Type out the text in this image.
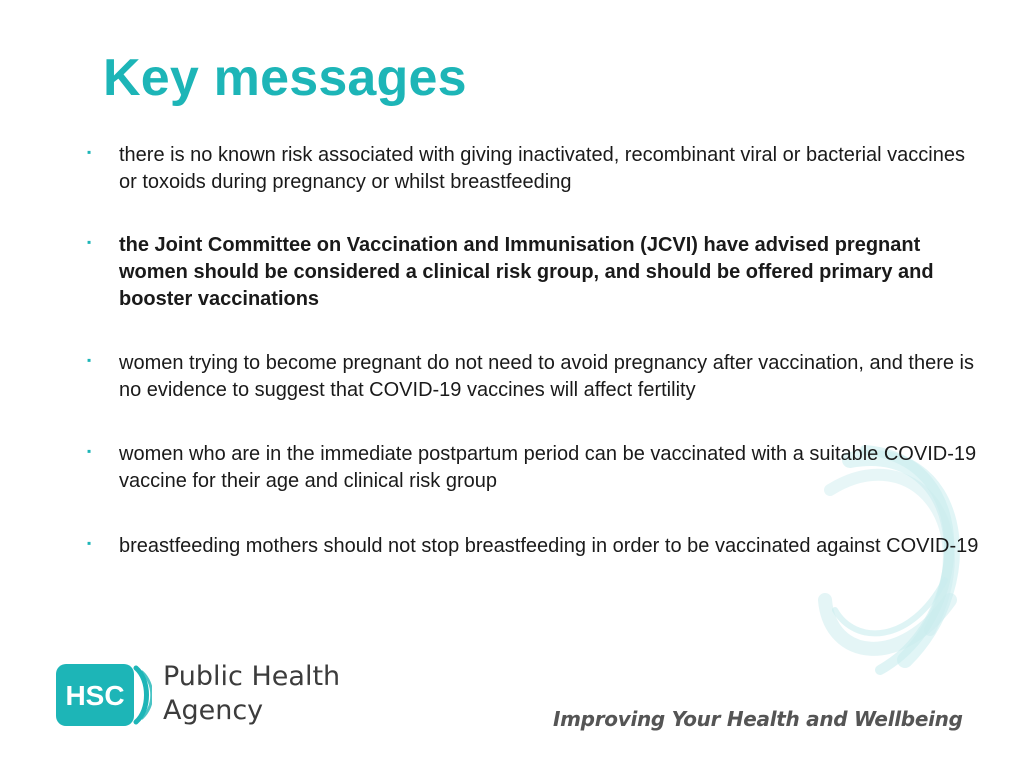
Key messages
▪ there is no known risk associated with giving inactivated, recombinant viral or bacterial vaccines or toxoids during pregnancy or whilst breastfeeding
▪ the Joint Committee on Vaccination and Immunisation (JCVI) have advised pregnant women should be considered a clinical risk group, and should be offered primary and booster vaccinations
▪ women trying to become pregnant do not need to avoid pregnancy after vaccination, and there is no evidence to suggest that COVID-19 vaccines will affect fertility
▪ women who are in the immediate postpartum period can be vaccinated with a suitable COVID-19 vaccine for their age and clinical risk group
▪ breastfeeding mothers should not stop breastfeeding in order to be vaccinated against COVID-19
HSC
Public Health
Agency	Improving Your Health and Wellbeing
